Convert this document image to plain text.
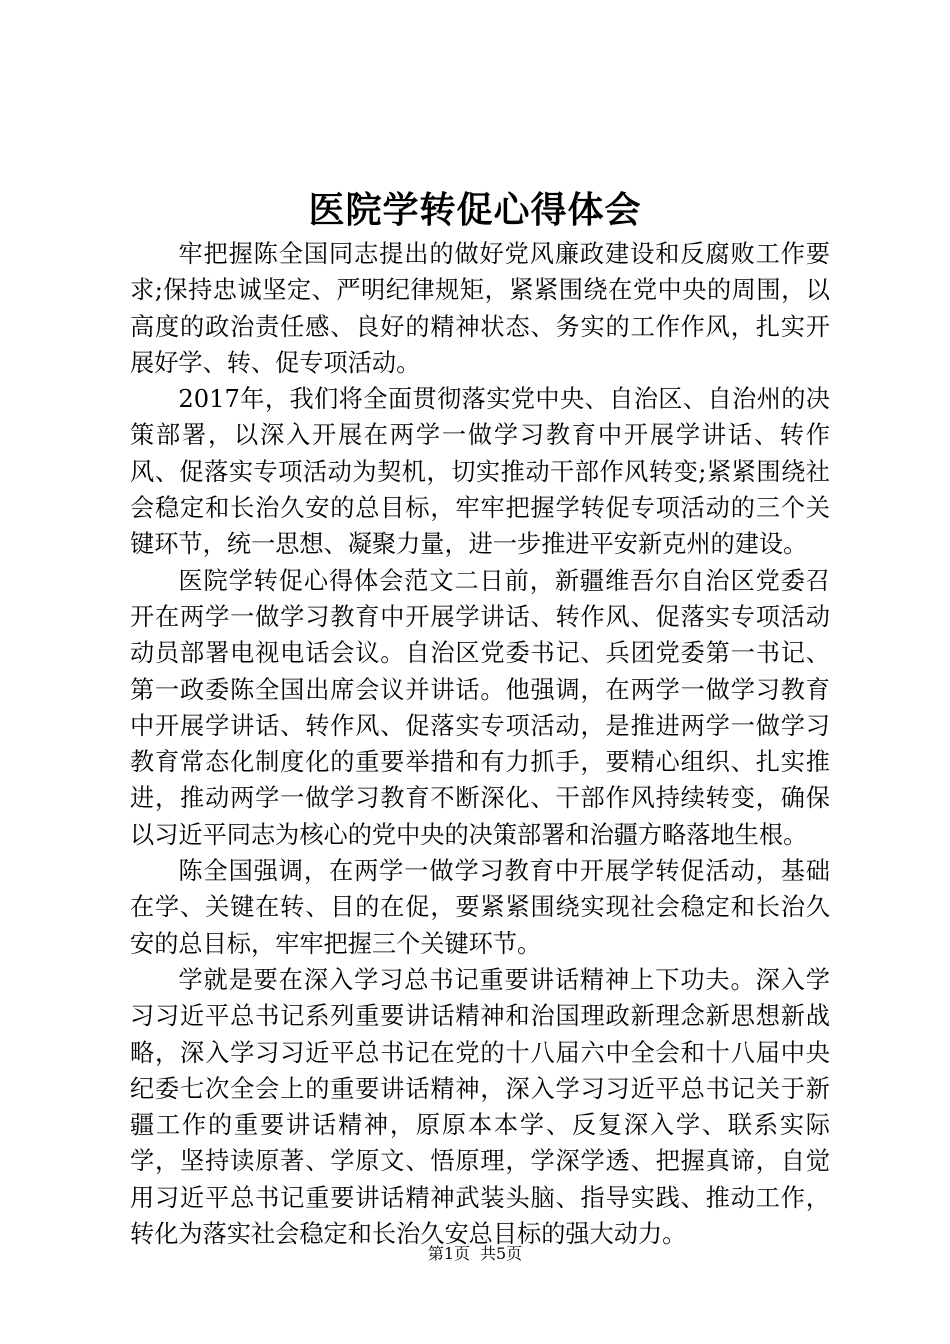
医院学转促心得体会

牢把握陈全国同志提出的做好党风廉政建设和反腐败工作要求;保持忠诚坚定、严明纪律规矩，紧紧围绕在党中央的周围，以高度的政治责任感、良好的精神状态、务实的工作作风，扎实开展好学、转、促专项活动。

2017年，我们将全面贯彻落实党中央、自治区、自治州的决策部署，以深入开展在两学一做学习教育中开展学讲话、转作风、促落实专项活动为契机，切实推动干部作风转变;紧紧围绕社会稳定和长治久安的总目标，牢牢把握学转促专项活动的三个关键环节，统一思想、凝聚力量，进一步推进平安新克州的建设。

医院学转促心得体会范文二日前，新疆维吾尔自治区党委召开在两学一做学习教育中开展学讲话、转作风、促落实专项活动动员部署电视电话会议。自治区党委书记、兵团党委第一书记、第一政委陈全国出席会议并讲话。他强调，在两学一做学习教育中开展学讲话、转作风、促落实专项活动，是推进两学一做学习教育常态化制度化的重要举措和有力抓手，要精心组织、扎实推进，推动两学一做学习教育不断深化、干部作风持续转变，确保以习近平同志为核心的党中央的决策部署和治疆方略落地生根。

陈全国强调，在两学一做学习教育中开展学转促活动，基础在学、关键在转、目的在促，要紧紧围绕实现社会稳定和长治久安的总目标，牢牢把握三个关键环节。

学就是要在深入学习总书记重要讲话精神上下功夫。深入学习习近平总书记系列重要讲话精神和治国理政新理念新思想新战略，深入学习习近平总书记在党的十八届六中全会和十八届中央纪委七次全会上的重要讲话精神，深入学习习近平总书记关于新疆工作的重要讲话精神，原原本本学、反复深入学、联系实际学，坚持读原著、学原文、悟原理，学深学透、把握真谛，自觉用习近平总书记重要讲话精神武装头脑、指导实践、推动工作，转化为落实社会稳定和长治久安总目标的强大动力。

第1页 共5页
